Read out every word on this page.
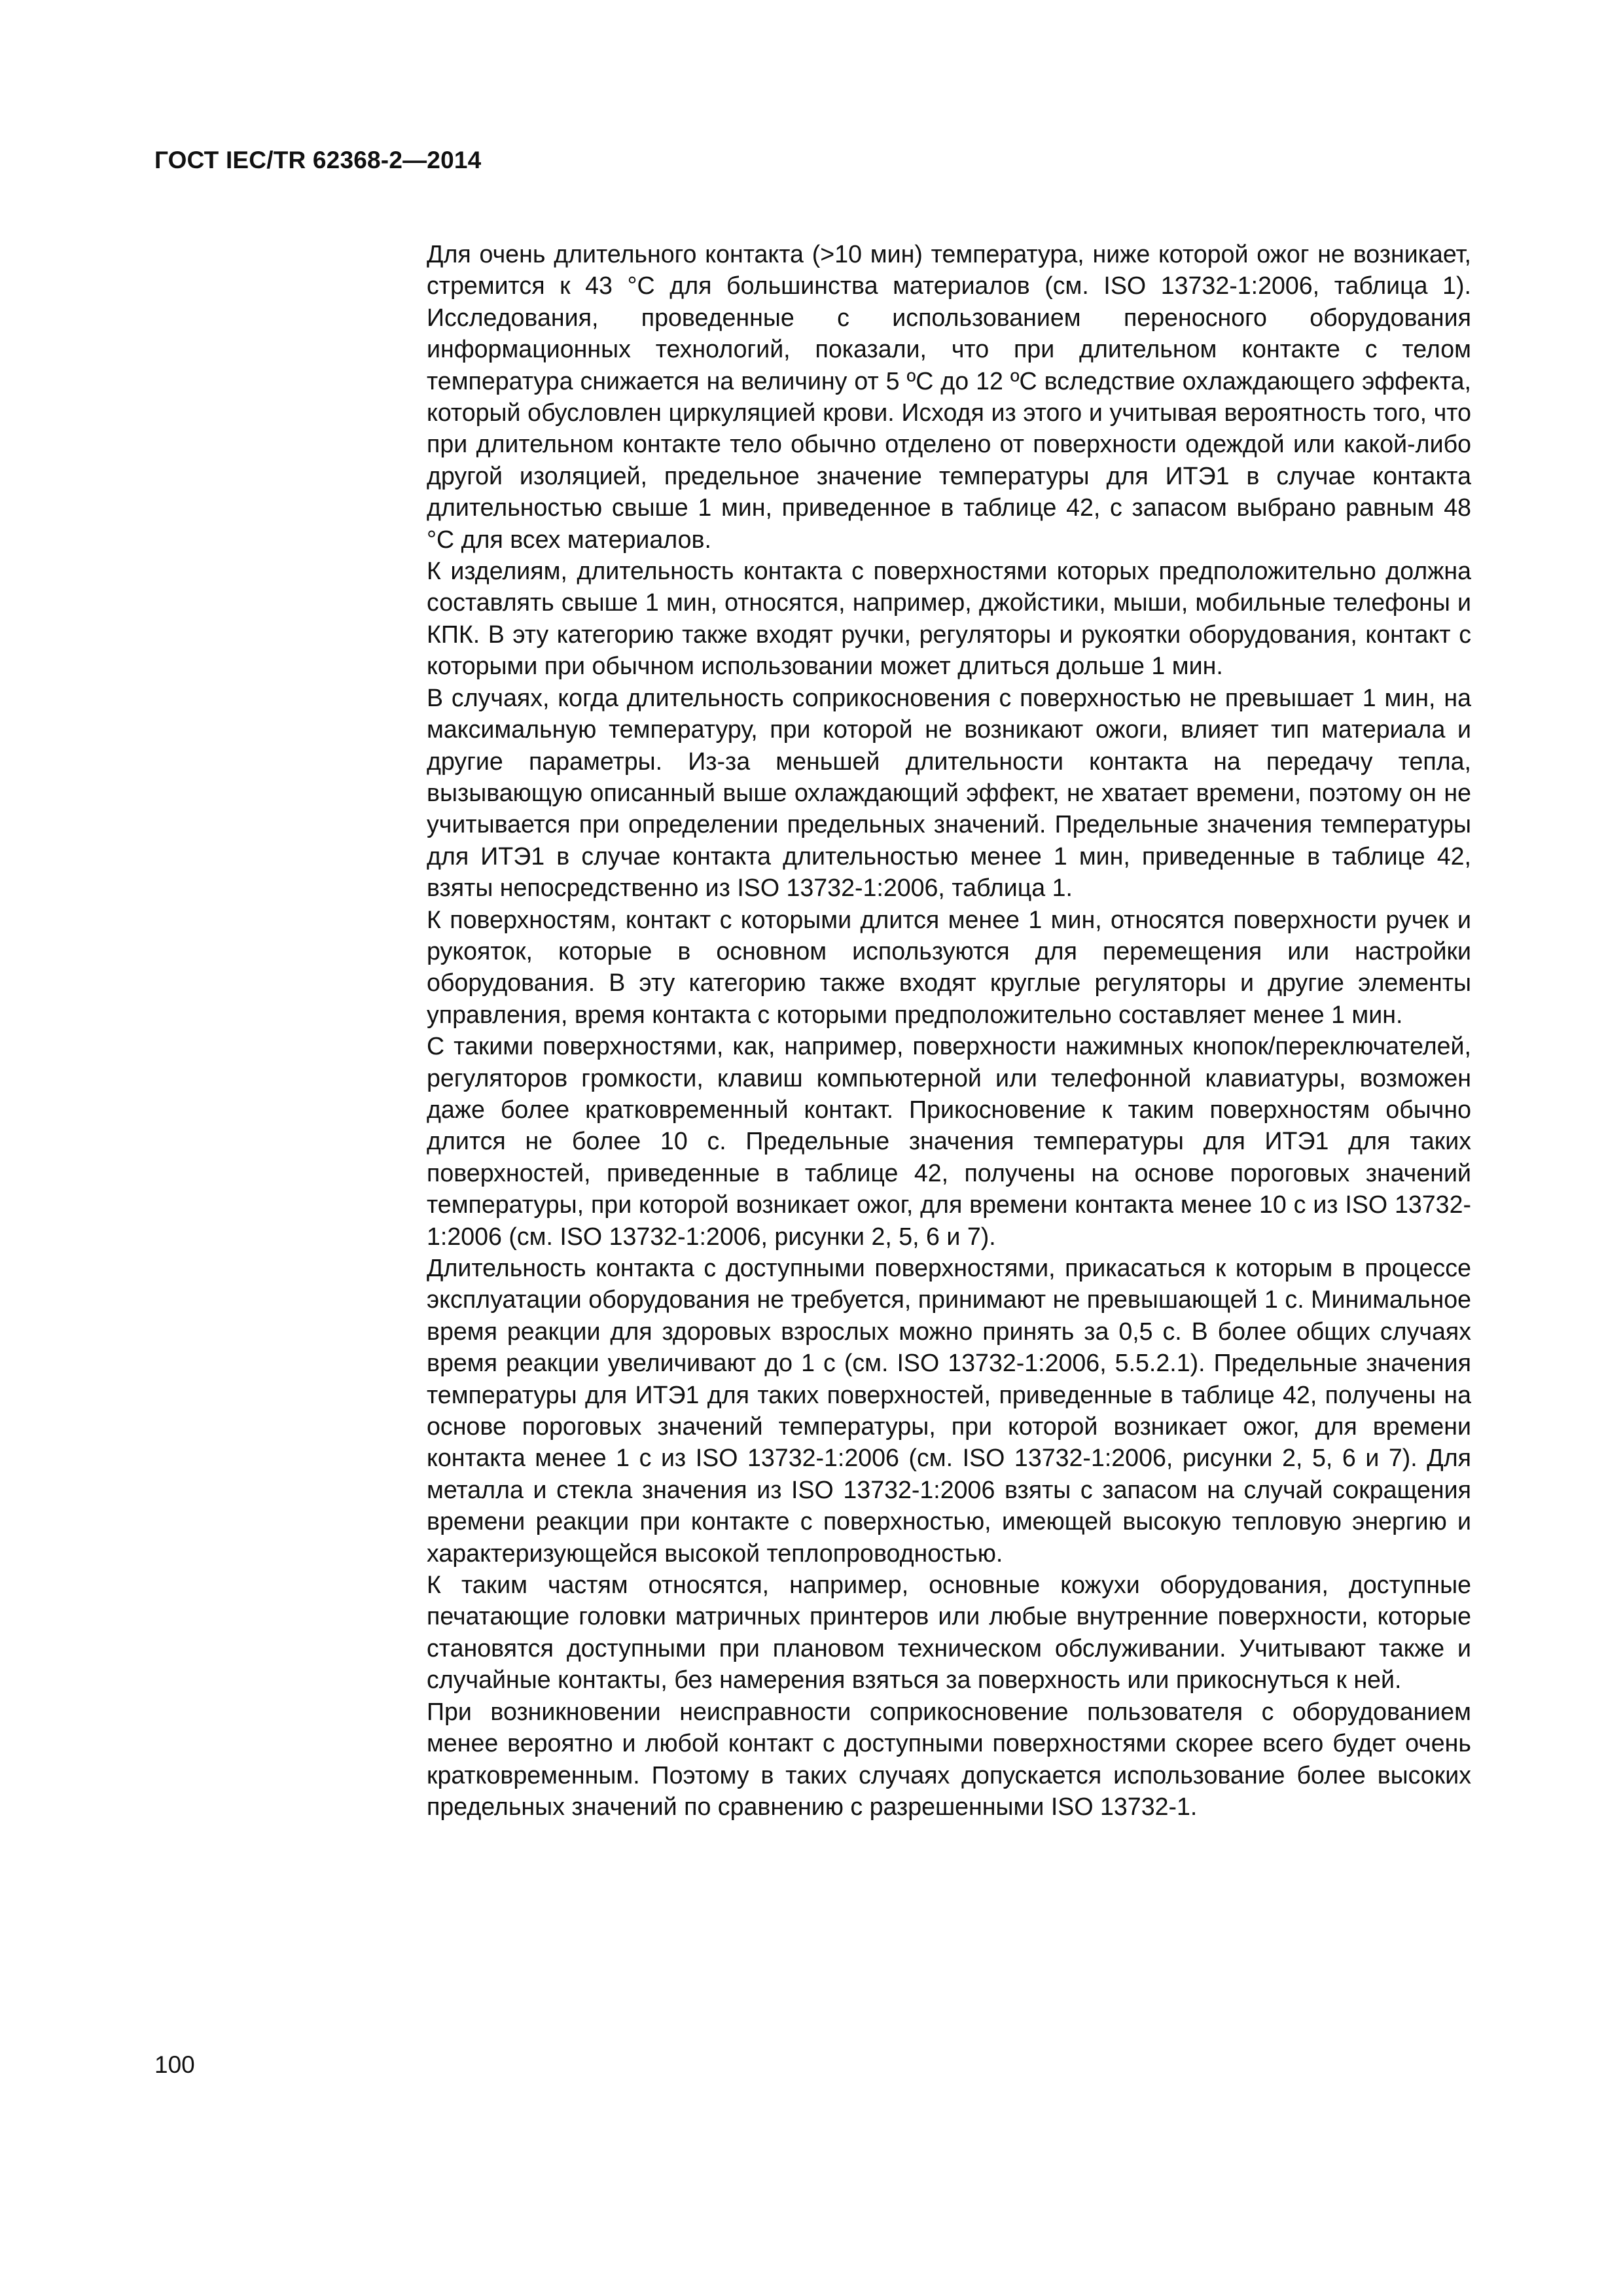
ГОСТ IEC/TR 62368-2—2014

Для очень длительного контакта (>10 мин) температура, ниже которой ожог не возникает, стремится к 43 °С для большинства материалов (см. ISO 13732-1:2006, таблица 1). Исследования, проведенные с использованием переносного оборудования информационных технологий, показали, что при длительном контакте с телом температура снижается на величину от 5 ºС до 12 ºС вследствие охлаждающего эффекта, который обусловлен циркуляцией крови. Исходя из этого и учитывая вероятность того, что при длительном контакте тело обычно отделено от поверхности одеждой или какой-либо другой изоляцией, предельное значение температуры для ИТЭ1 в случае контакта длительностью свыше 1 мин, приведенное в таблице 42, с запасом выбрано равным 48 °С для всех материалов.

К изделиям, длительность контакта с поверхностями которых предположительно должна составлять свыше 1 мин, относятся, например, джойстики, мыши, мобильные телефоны и КПК. В эту категорию также входят ручки, регуляторы и рукоятки оборудования, контакт с которыми при обычном использовании может длиться дольше 1 мин.

В случаях, когда длительность соприкосновения с поверхностью не превышает 1 мин, на максимальную температуру, при которой не возникают ожоги, влияет тип материала и другие параметры. Из-за меньшей длительности контакта на передачу тепла, вызывающую описанный выше охлаждающий эффект, не хватает времени, поэтому он не учитывается при определении предельных значений. Предельные значения температуры для ИТЭ1 в случае контакта длительностью менее 1 мин, приведенные в таблице 42, взяты непосредственно из ISO 13732-1:2006, таблица 1.

К поверхностям, контакт с которыми длится менее 1 мин, относятся поверхности ручек и рукояток, которые в основном используются для перемещения или настройки оборудования. В эту категорию также входят круглые регуляторы и другие элементы управления, время контакта с которыми предположительно составляет менее 1 мин.

С такими поверхностями, как, например, поверхности нажимных кнопок/переключателей, регуляторов громкости, клавиш компьютерной или телефонной клавиатуры, возможен даже более кратковременный контакт. Прикосновение к таким поверхностям обычно длится не более 10 с. Предельные значения температуры для ИТЭ1 для таких поверхностей, приведенные в таблице 42, получены на основе пороговых значений температуры, при которой возникает ожог, для времени контакта менее 10 с из ISO 13732-1:2006 (см. ISO 13732-1:2006, рисунки 2, 5, 6 и 7).

Длительность контакта с доступными поверхностями, прикасаться к которым в процессе эксплуатации оборудования не требуется, принимают не превышающей 1 с. Минимальное время реакции для здоровых взрослых можно принять за 0,5 с. В более общих случаях время реакции увеличивают до 1 с (см. ISO 13732-1:2006, 5.5.2.1). Предельные значения температуры для ИТЭ1 для таких поверхностей, приведенные в таблице 42, получены на основе пороговых значений температуры, при которой возникает ожог, для времени контакта менее 1 с из ISO 13732-1:2006 (см. ISO 13732-1:2006, рисунки 2, 5, 6 и 7). Для металла и стекла значения из ISO 13732-1:2006 взяты с запасом на случай сокращения времени реакции при контакте с поверхностью, имеющей высокую тепловую энергию и характеризующейся высокой теплопроводностью.

К таким частям относятся, например, основные кожухи оборудования, доступные печатающие головки матричных принтеров или любые внутренние поверхности, которые становятся доступными при плановом техническом обслуживании. Учитывают также и случайные контакты, без намерения взяться за поверхность или прикоснуться к ней.

При возникновении неисправности соприкосновение пользователя с оборудованием менее вероятно и любой контакт с доступными поверхностями скорее всего будет очень кратковременным. Поэтому в таких случаях допускается использование более высоких предельных значений по сравнению с разрешенными ISO 13732-1.

100
